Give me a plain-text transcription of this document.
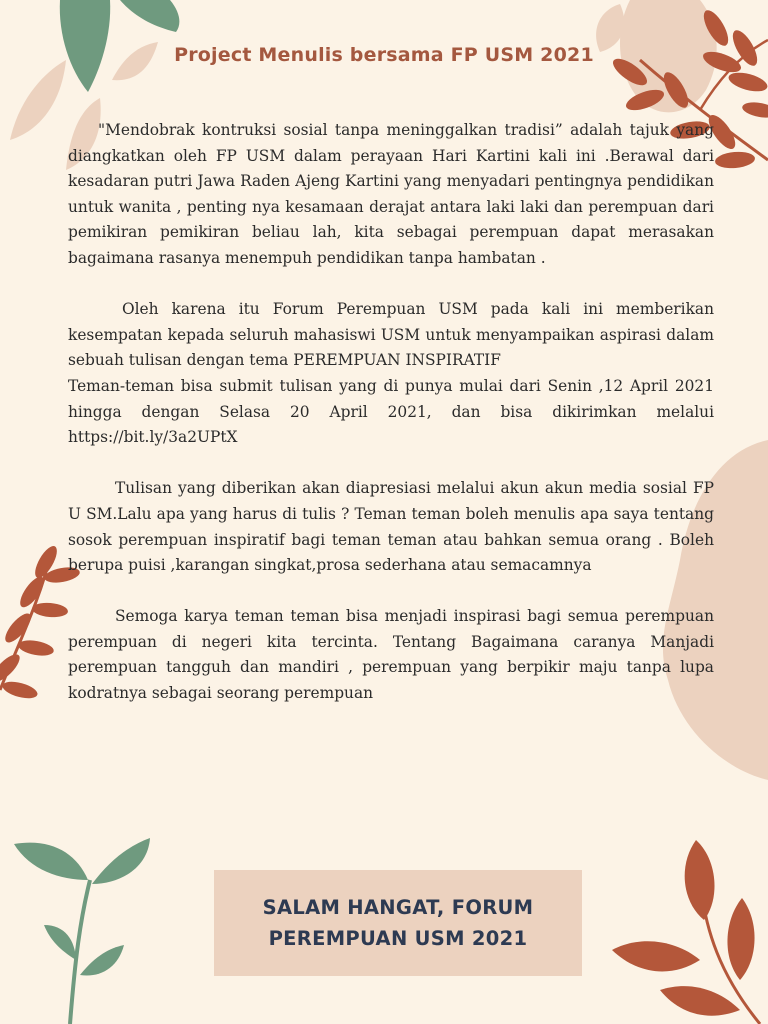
Project Menulis bersama FP USM 2021

"Mendobrak kontruksi sosial tanpa meninggalkan tradisi” adalah tajuk yang diangkatkan oleh FP USM dalam perayaan Hari Kartini kali ini .Berawal dari kesadaran putri Jawa Raden Ajeng Kartini yang menyadari pentingnya pendidikan untuk wanita , penting nya kesamaan derajat antara laki laki dan perempuan dari pemikiran pemikiran beliau lah, kita sebagai perempuan dapat merasakan bagaimana rasanya menempuh pendidikan tanpa hambatan .

Oleh karena itu Forum Perempuan USM pada kali ini memberikan kesempatan kepada seluruh mahasiswi USM untuk menyampaikan aspirasi dalam sebuah tulisan dengan tema PEREMPUAN INSPIRATIF

Teman-teman bisa submit tulisan yang di punya mulai dari Senin ,12 April 2021 hingga dengan Selasa 20 April 2021, dan bisa dikirimkan melalui https://bit.ly/3a2UPtX

Tulisan yang diberikan akan diapresiasi melalui akun akun media sosial FP U SM.Lalu apa yang harus di tulis ? Teman teman boleh menulis apa saya tentang sosok perempuan inspiratif bagi teman teman atau bahkan semua orang . Boleh berupa puisi ,karangan singkat,prosa sederhana atau semacamnya

Semoga karya teman teman bisa menjadi inspirasi bagi semua perempuan perempuan di negeri kita tercinta. Tentang Bagaimana caranya Manjadi perempuan tangguh dan mandiri , perempuan yang berpikir maju tanpa lupa kodratnya sebagai seorang perempuan

SALAM HANGAT, FORUM
PEREMPUAN USM 2021
